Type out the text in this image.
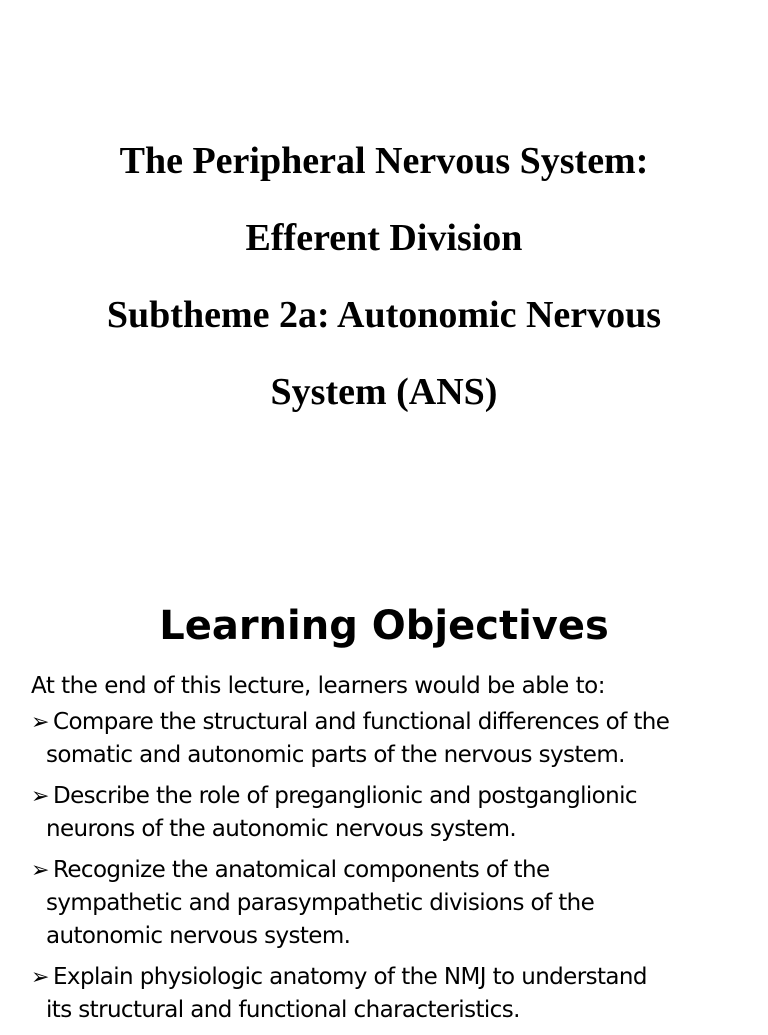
The Peripheral Nervous System:
Efferent Division
Subtheme 2a: Autonomic Nervous
System (ANS)
Learning Objectives
At the end of this lecture, learners would be able to:
➢ Compare the structural and functional differences of the
somatic and autonomic parts of the nervous system.
➢ Describe the role of preganglionic and postganglionic
neurons of the autonomic nervous system.
➢ Recognize the anatomical components of the
sympathetic and parasympathetic divisions of the
autonomic nervous system.
➢ Explain physiologic anatomy of the NMJ to understand
its structural and functional characteristics.
